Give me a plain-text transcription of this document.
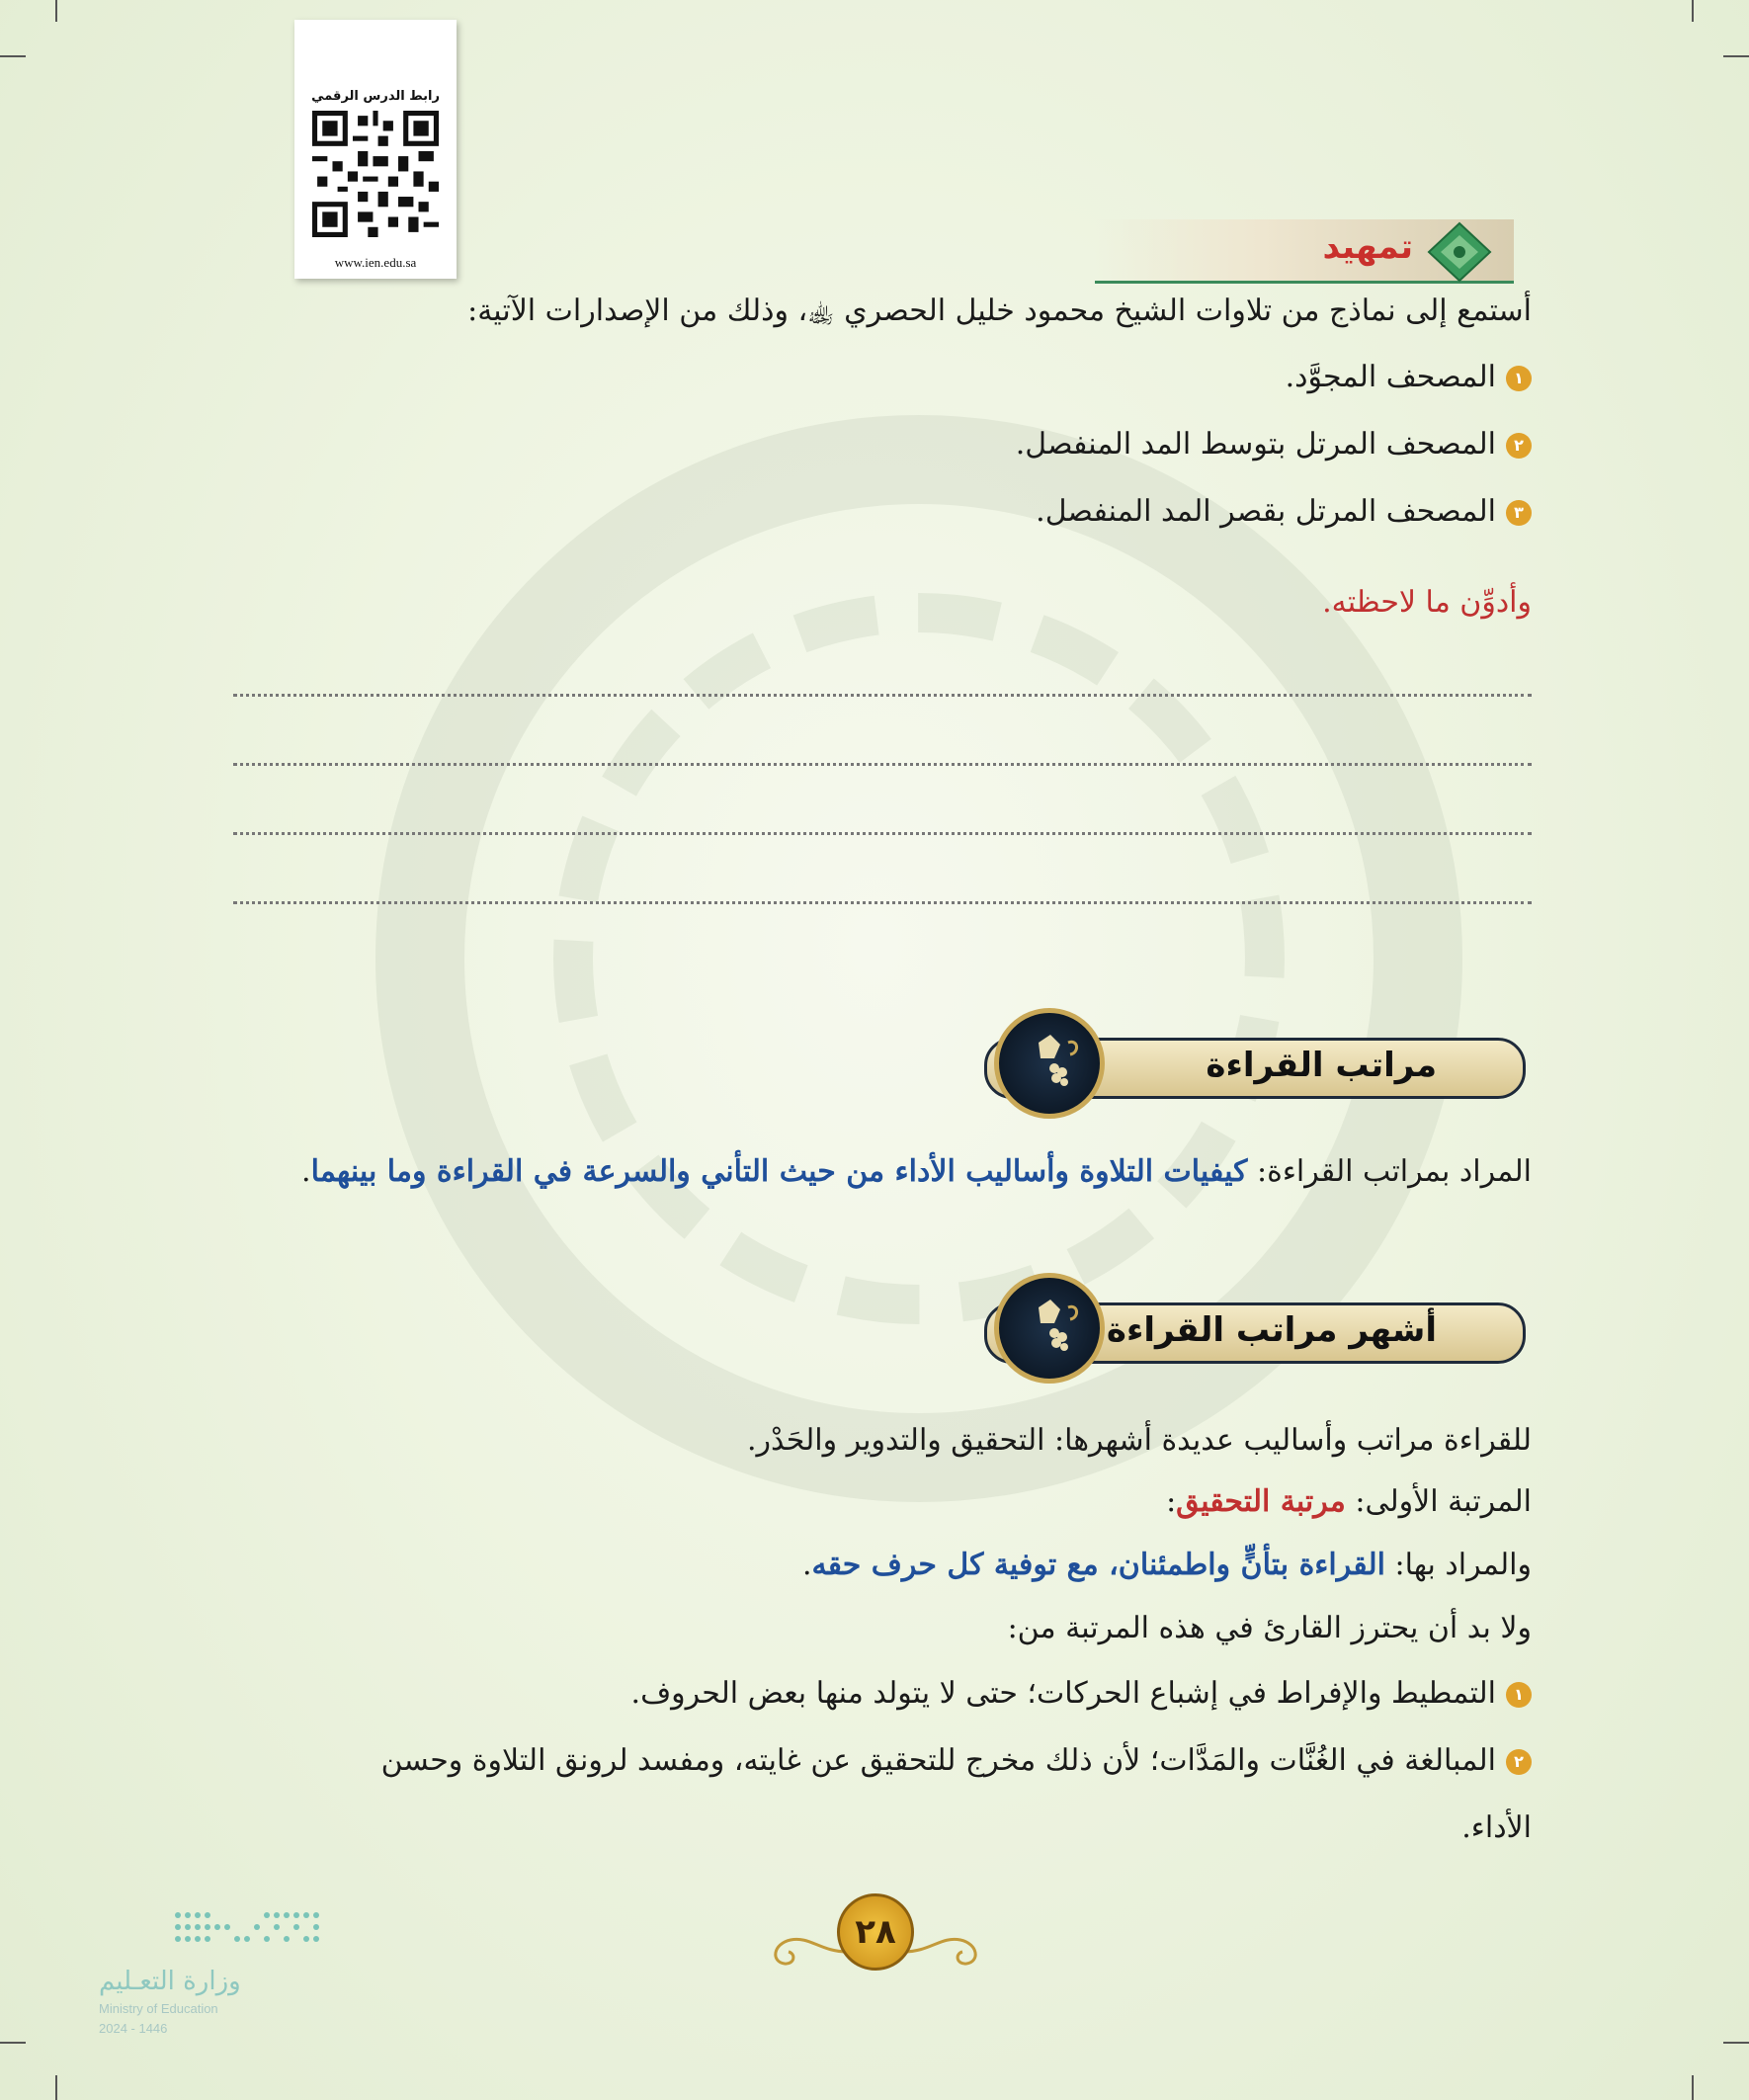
رابط الدرس الرقمي
www.ien.edu.sa	تمهيد
أستمع إلى نماذج من تلاوات الشيخ محمود خليل الحصري ﵀، وذلك من الإصدارات الآتية:
١المصحف المجوَّد.
٢المصحف المرتل بتوسط المد المنفصل.
٣المصحف المرتل بقصر المد المنفصل.
وأدوِّن ما لاحظته.
مراتب القراءة
المراد بمراتب القراءة: كيفيات التلاوة وأساليب الأداء من حيث التأني والسرعة في القراءة وما بينهما.
أشهر مراتب القراءة
للقراءة مراتب وأساليب عديدة أشهرها: التحقيق والتدوير والحَدْر.
المرتبة الأولى: مرتبة التحقيق:
والمراد بها: القراءة بتأنٍّ واطمئنان، مع توفية كل حرف حقه.
ولا بد أن يحترز القارئ في هذه المرتبة من:
١التمطيط والإفراط في إشباع الحركات؛ حتى لا يتولد منها بعض الحروف.
٢المبالغة في الغُنَّات والمَدَّات؛ لأن ذلك مخرج للتحقيق عن غايته، ومفسد لرونق التلاوة وحسن
الأداء.
٢٨
وزارة التعـليم
Ministry of Education
2024 - 1446
